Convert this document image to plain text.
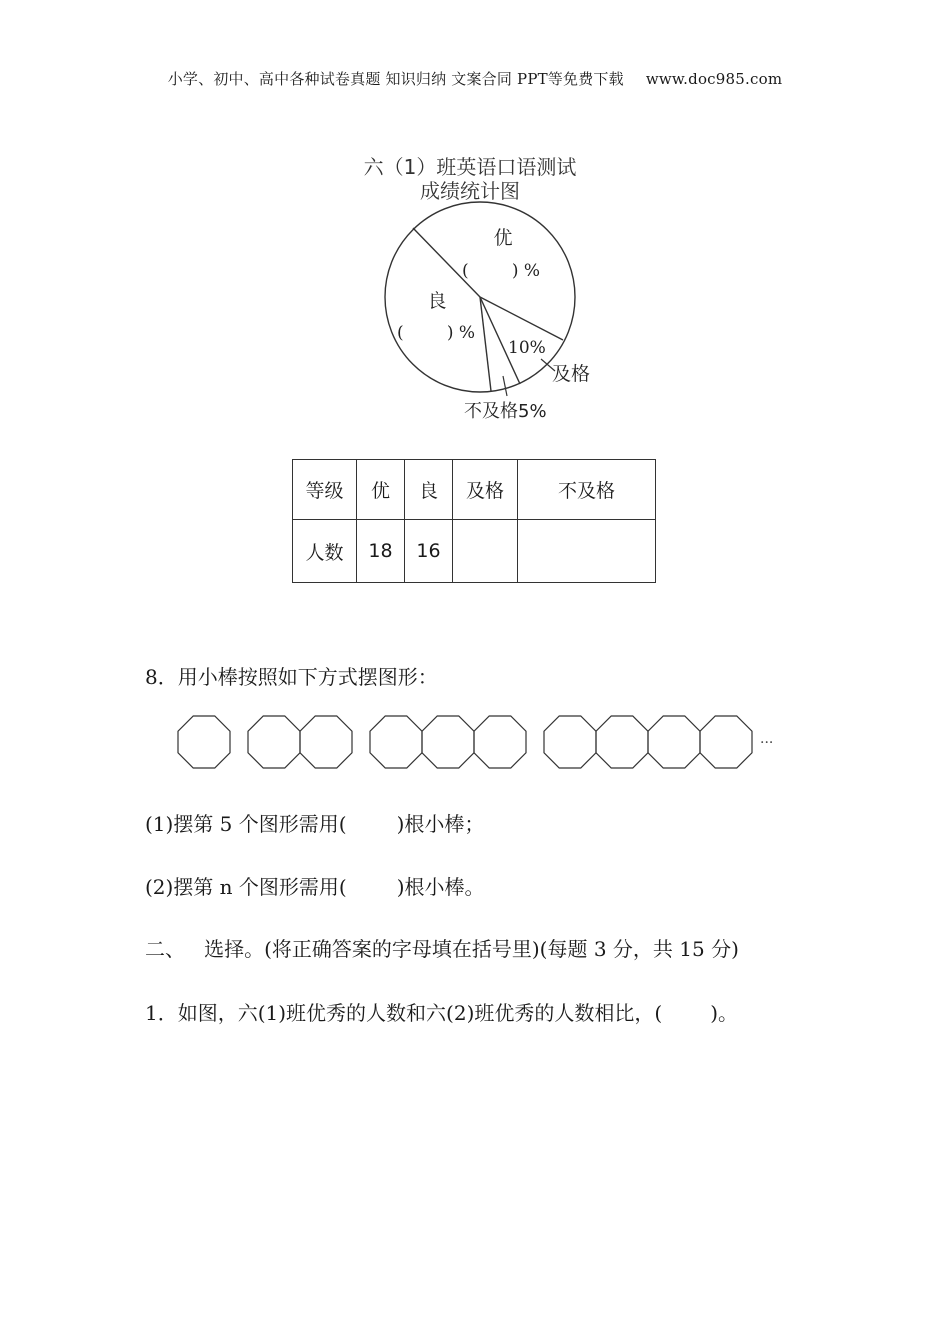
小学、初中、高中各种试卷真题 知识归纳 文案合同 PPT等免费下载 www.doc985.com
六（1）班英语口语测试
成绩统计图
优
(        ) %
良
(        ) %
10%
及格
不及格5%
等级	优	良	及格	不及格
人数	18	16		
8．用小棒按照如下方式摆图形：
···
(1)摆第 5 个图形需用(	)根小棒；
(2)摆第 n 个图形需用(	)根小棒。
二、   选择。(将正确答案的字母填在括号里)(每题 3 分，共 15 分)
1．如图，六(1)班优秀的人数和六(2)班优秀的人数相比，( )。
